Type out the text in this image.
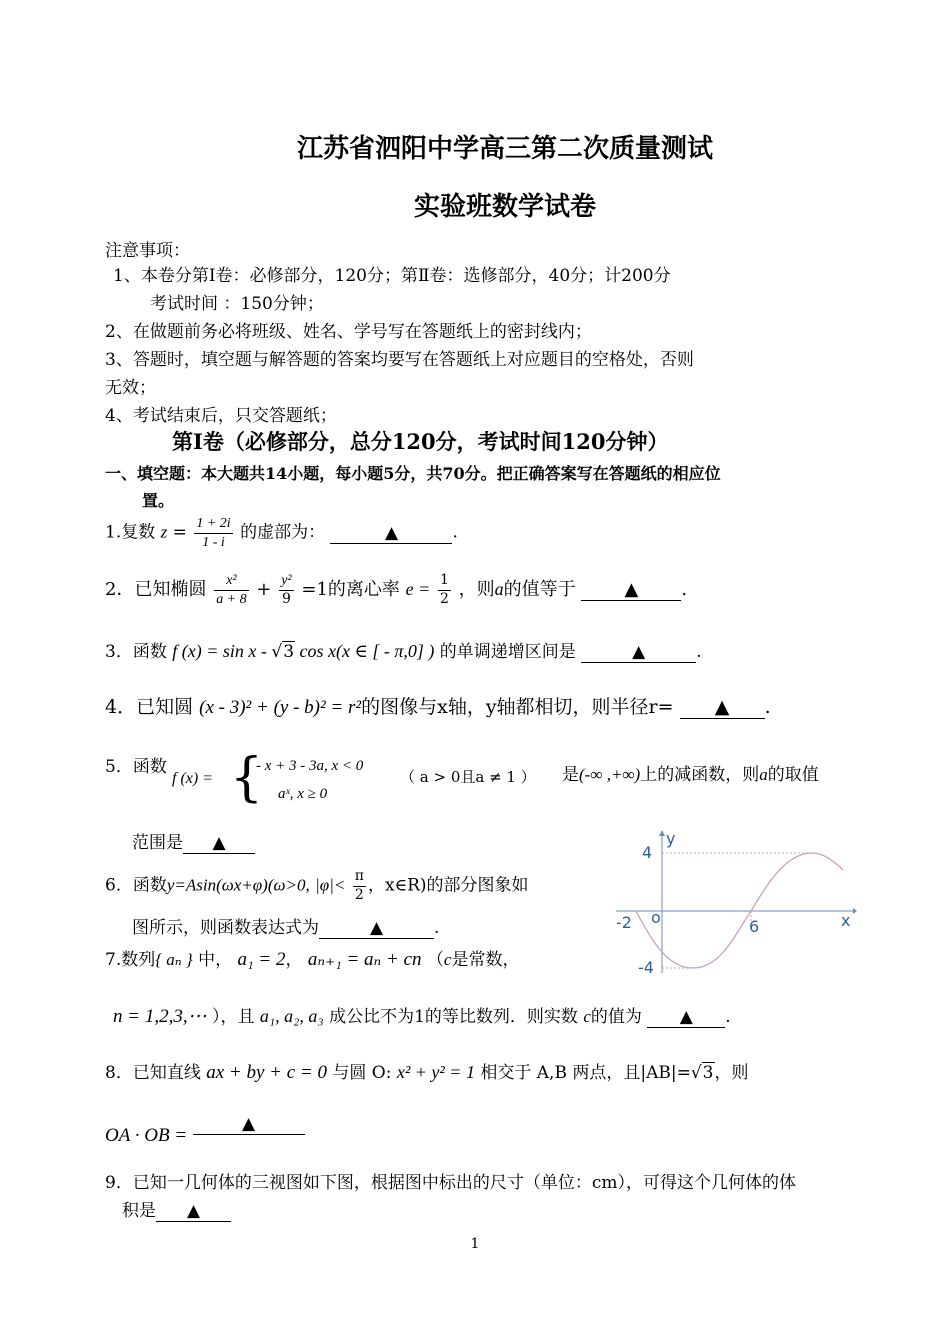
江苏省泗阳中学高三第二次质量测试
实验班数学试卷
注意事项：
1、本卷分第Ⅰ卷：必修部分，120分；第Ⅱ卷：选修部分，40分；计200分
考试时间 ：150分钟；
2、在做题前务必将班级、姓名、学号写在答题纸上的密封线内；
3、答题时，填空题与解答题的答案均要写在答题纸上对应题目的空格处，否则
无效；
4、考试结束后，只交答题纸；
第Ⅰ卷（必修部分，总分120分，考试时间120分钟）
一、填空题：本大题共14小题，每小题5分，共70分。把正确答案写在答题纸的相应位
置。
1.复数 $z = \frac{1 + 2i}{1 - i}$ 的虚部为：	▲	.
2．已知椭圆 $\frac{\text{x²}}{a + 8} + \frac{\text{y²}}{9} =1$的离心率 $e = \frac{1}{2}$ ，则a的值等于	▲ .
3．函数 f (x) = sin x - √3 cos x(x ∈ [ - π,0] ) 的单调递增区间是	▲	.
4．已知圆 (x - 3)² + (y - b)² = r²的图像与x轴，y轴都相切，则半径r= ▲ .
5．函数
f (x) = {
- x + 3 - 3a, x < 0
aˣ, x ≥ 0
（ a > 0且a ≠ 1 ） 是(-∞ ,+∞)上的减函数，则a的取值
范围是 ▲
6．函数y=Asin(ωx+φ)(ω>0, $|\varphi|< \frac{\pi}{2}$ ，x∈R)的部分图象如
图所示，则函数表达式为	▲	.
y
x
o
4
-4
-2	6
7.数列{ aₙ } 中， a₁ = 2， aₙ₊₁ = aₙ + cn （c是常数，
n = 1,2,3,⋯ ），且 a₁, a₂, a₃ 成公比不为1的等比数列．则实数 c的值为 ▲ .
8．已知直线 ax + by + c = 0 与圆 O: x² + y² = 1 相交于 A,B 两点，且|AB|=√3，则
OA · OB = ▲
9．已知一几何体的三视图如下图，根据图中标出的尺寸（单位：cm），可得这个几何体的体
积是 ▲
1
